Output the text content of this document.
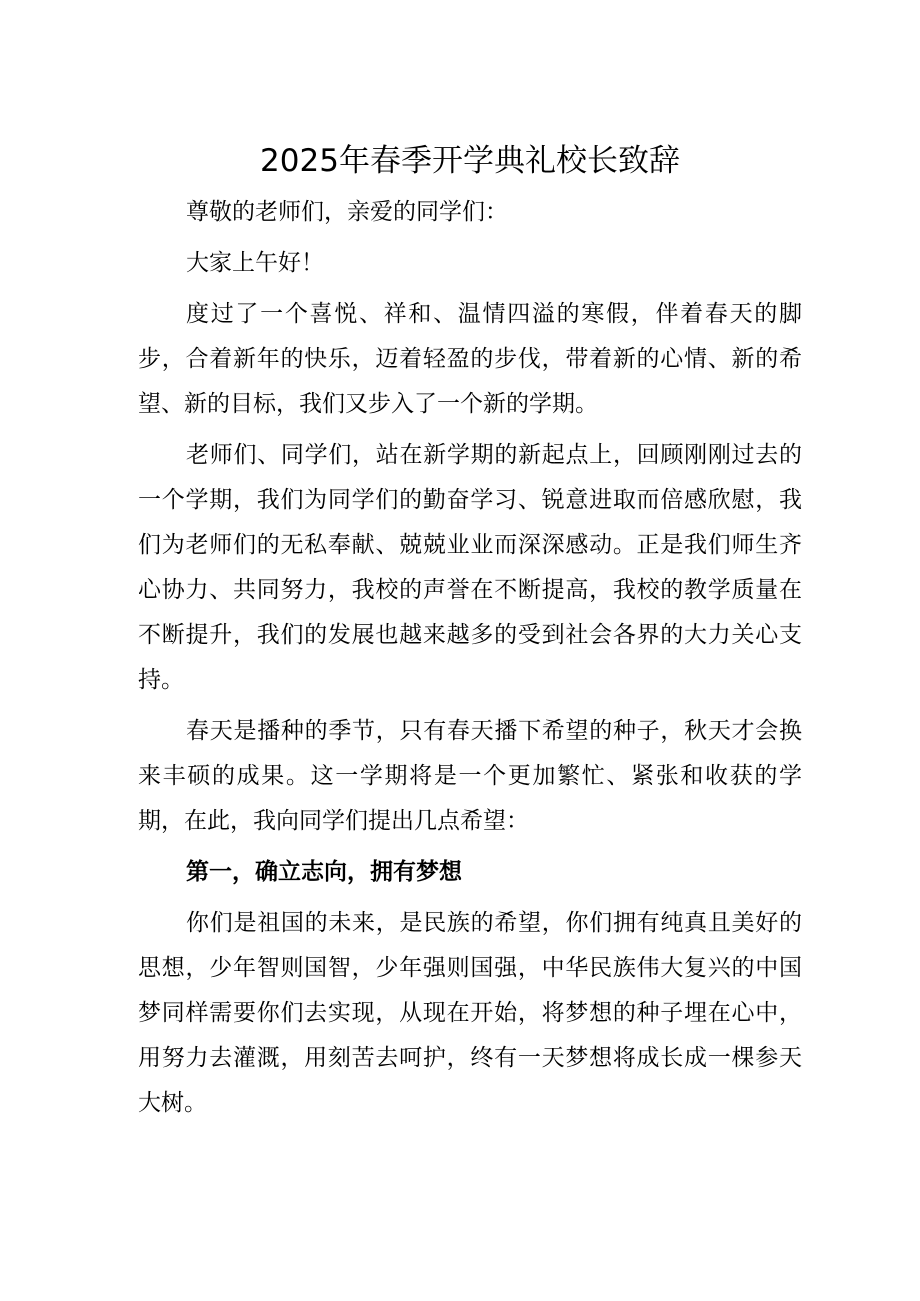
2025年春季开学典礼校长致辞

尊敬的老师们，亲爱的同学们：

大家上午好！

度过了一个喜悦、祥和、温情四溢的寒假，伴着春天的脚步，合着新年的快乐，迈着轻盈的步伐，带着新的心情、新的希望、新的目标，我们又步入了一个新的学期。

老师们、同学们，站在新学期的新起点上，回顾刚刚过去的一个学期，我们为同学们的勤奋学习、锐意进取而倍感欣慰，我们为老师们的无私奉献、兢兢业业而深深感动。正是我们师生齐心协力、共同努力，我校的声誉在不断提高，我校的教学质量在不断提升，我们的发展也越来越多的受到社会各界的大力关心支持。

春天是播种的季节，只有春天播下希望的种子，秋天才会换来丰硕的成果。这一学期将是一个更加繁忙、紧张和收获的学期，在此，我向同学们提出几点希望：

第一，确立志向，拥有梦想

你们是祖国的未来，是民族的希望，你们拥有纯真且美好的思想，少年智则国智，少年强则国强，中华民族伟大复兴的中国梦同样需要你们去实现，从现在开始，将梦想的种子埋在心中，用努力去灌溉，用刻苦去呵护，终有一天梦想将成长成一棵参天大树。
